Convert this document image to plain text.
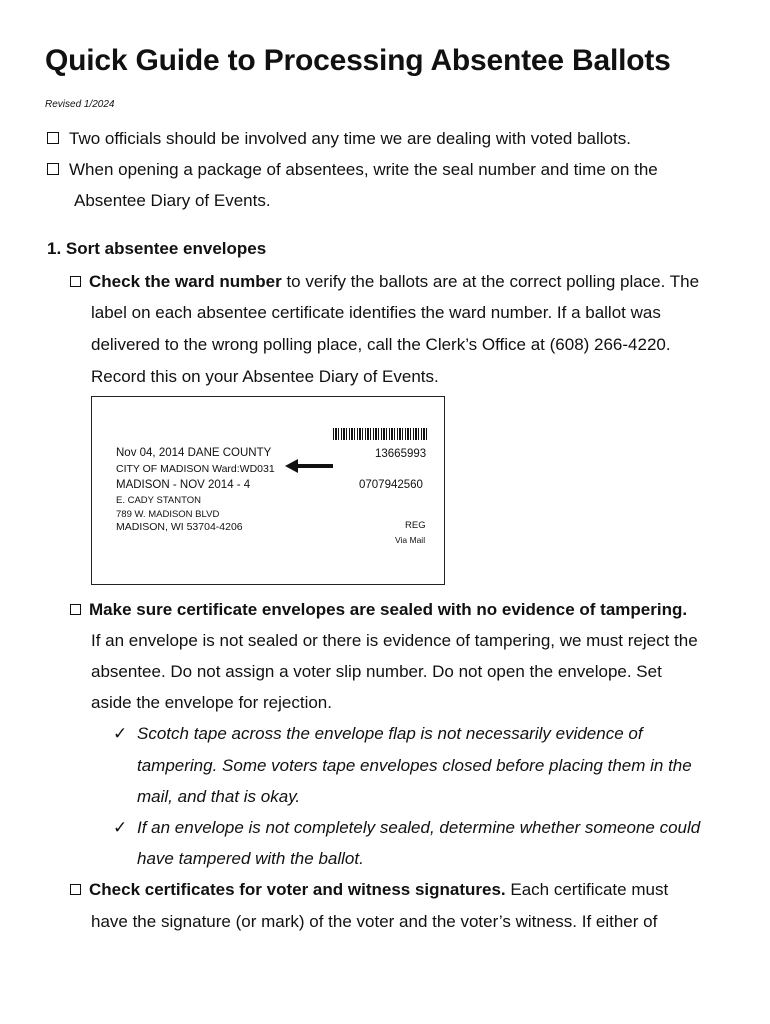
Quick Guide to Processing Absentee Ballots
Revised 1/2024
Two officials should be involved any time we are dealing with voted ballots.
When opening a package of absentees, write the seal number and time on the
Absentee Diary of Events.
1. Sort absentee envelopes
Check the ward number to verify the ballots are at the correct polling place. The
label on each absentee certificate identifies the ward number. If a ballot was
delivered to the wrong polling place, call the Clerk’s Office at (608) 266-4220.
Record this on your Absentee Diary of Events.
Nov 04, 2014 DANE COUNTY
CITY OF MADISON Ward:WD031
MADISON - NOV 2014 - 4
E. CADY STANTON
789 W. MADISON BLVD
MADISON, WI 53704-4206
13665993
0707942560
REG
Via Mail
Make sure certificate envelopes are sealed with no evidence of tampering.
If an envelope is not sealed or there is evidence of tampering, we must reject the
absentee. Do not assign a voter slip number. Do not open the envelope. Set
aside the envelope for rejection.
✓ Scotch tape across the envelope flap is not necessarily evidence of
tampering. Some voters tape envelopes closed before placing them in the
mail, and that is okay.
✓ If an envelope is not completely sealed, determine whether someone could
have tampered with the ballot.
Check certificates for voter and witness signatures. Each certificate must
have the signature (or mark) of the voter and the voter’s witness. If either of
